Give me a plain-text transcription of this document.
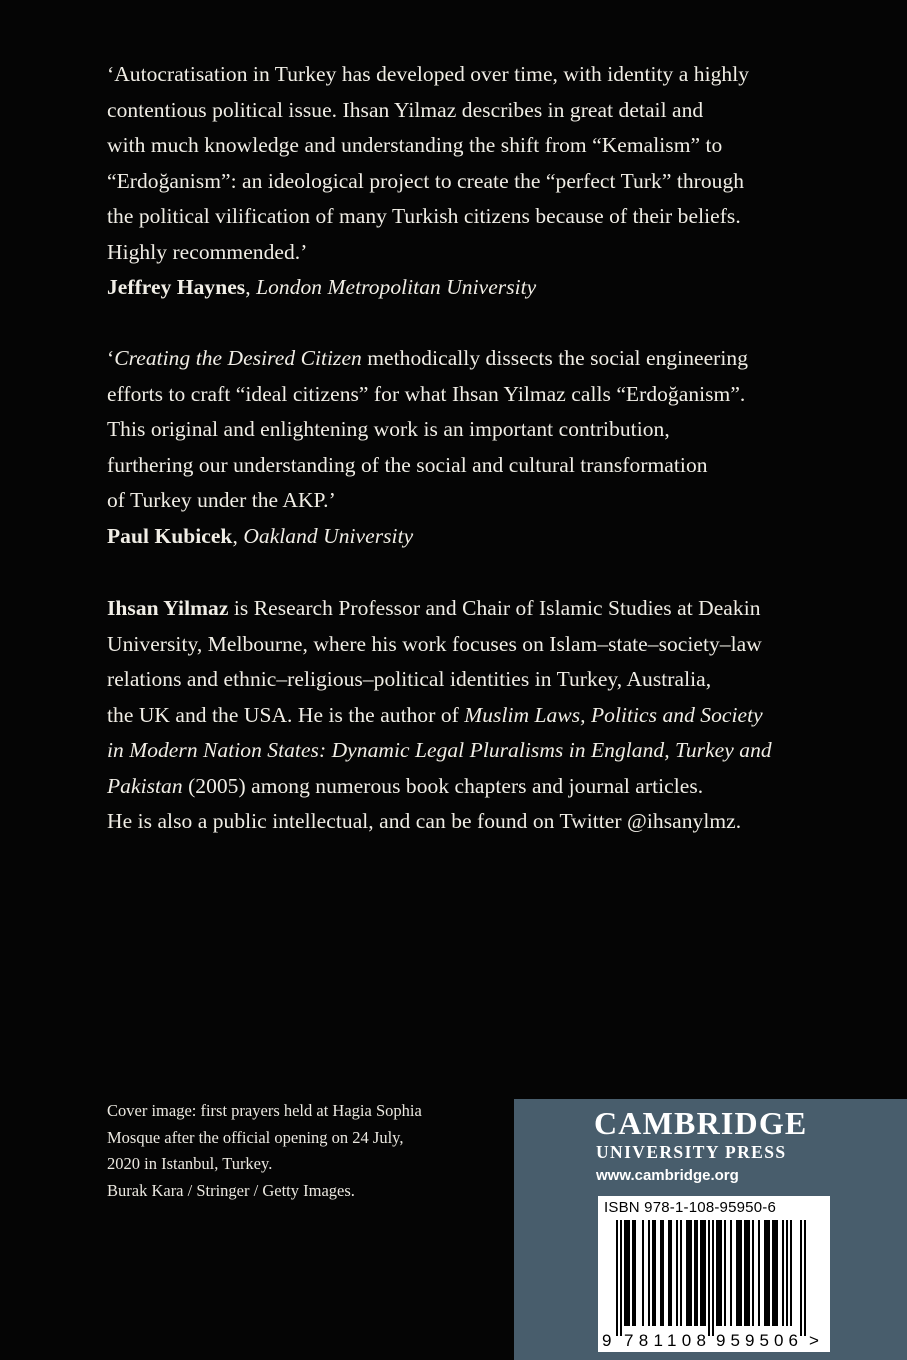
‘Autocratisation in Turkey has developed over time, with identity a highly

contentious political issue. Ihsan Yilmaz describes in great detail and

with much knowledge and understanding the shift from “Kemalism” to

“Erdoğanism”: an ideological project to create the “perfect Turk” through

the political vilification of many Turkish citizens because of their beliefs.

Highly recommended.’

Jeffrey Haynes, London Metropolitan University

‘Creating the Desired Citizen methodically dissects the social engineering

efforts to craft “ideal citizens” for what Ihsan Yilmaz calls “Erdoğanism”.

This original and enlightening work is an important contribution,

furthering our understanding of the social and cultural transformation

of Turkey under the AKP.’

Paul Kubicek, Oakland University

Ihsan Yilmaz is Research Professor and Chair of Islamic Studies at Deakin

University, Melbourne, where his work focuses on Islam–state–society–law

relations and ethnic–religious–political identities in Turkey, Australia,

the UK and the USA. He is the author of Muslim Laws, Politics and Society

in Modern Nation States: Dynamic Legal Pluralisms in England, Turkey and

Pakistan (2005) among numerous book chapters and journal articles.

He is also a public intellectual, and can be found on Twitter @ihsanylmz.

Cover image: first prayers held at Hagia Sophia

Mosque after the official opening on 24 July,

2020 in Istanbul, Turkey.

Burak Kara / Stringer / Getty Images.

CAMBRIDGE
UNIVERSITY PRESS
www.cambridge.org
ISBN 978-1-108-95950-6
9 781108 959506 >
